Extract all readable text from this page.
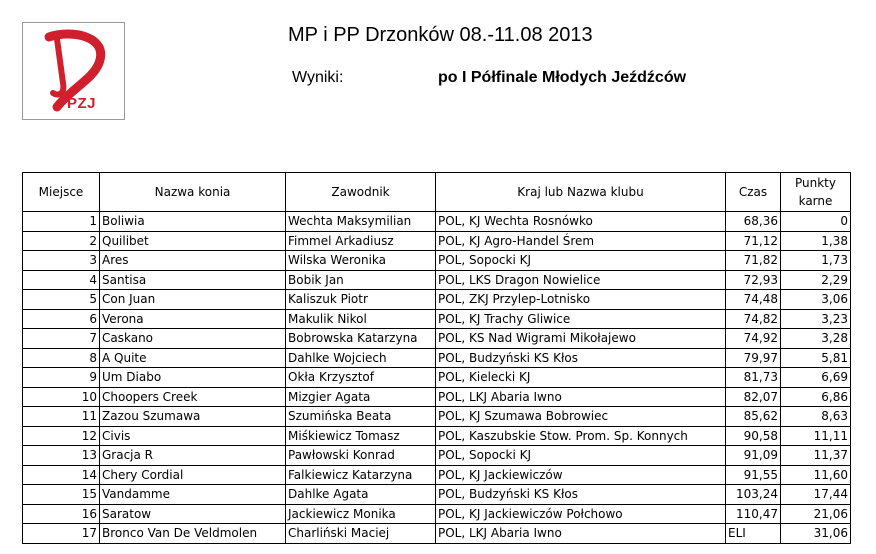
PZJ
MP i PP Drzonków 08.-11.08 2013
Wyniki:	po I Półfinale Młodych Jeźdźców
Miejsce	Nazwa konia	Zawodnik	Kraj lub Nazwa klubu	Czas	Punkty
karne

1	Boliwia	Wechta Maksymilian	POL, KJ Wechta Rosnówko	68,36	0
2	Quilibet	Fimmel Arkadiusz	POL, KJ Agro-Handel Śrem	71,12	1,38
3	Ares	Wilska Weronika	POL, Sopocki KJ	71,82	1,73
4	Santisa	Bobik Jan	POL, LKS Dragon Nowielice	72,93	2,29
5	Con Juan	Kaliszuk Piotr	POL, ZKJ Przylep-Lotnisko	74,48	3,06
6	Verona	Makulik Nikol	POL, KJ Trachy Gliwice	74,82	3,23
7	Caskano	Bobrowska Katarzyna	POL, KS Nad Wigrami Mikołajewo	74,92	3,28
8	A Quite	Dahlke Wojciech	POL, Budzyński KS Kłos	79,97	5,81
9	Um Diabo	Okła Krzysztof	POL, Kielecki KJ	81,73	6,69
10	Choopers Creek	Mizgier Agata	POL, LKJ Abaria Iwno	82,07	6,86
11	Zazou Szumawa	Szumińska Beata	POL, KJ Szumawa Bobrowiec	85,62	8,63
12	Civis	Miśkiewicz Tomasz	POL, Kaszubskie Stow. Prom. Sp. Konnych	90,58	11,11
13	Gracja R	Pawłowski Konrad	POL, Sopocki KJ	91,09	11,37
14	Chery Cordial	Falkiewicz Katarzyna	POL, KJ Jackiewiczów	91,55	11,60
15	Vandamme	Dahlke Agata	POL, Budzyński KS Kłos	103,24	17,44
16	Saratow	Jackiewicz Monika	POL, KJ Jackiewiczów Połchowo	110,47	21,06
17	Bronco Van De Veldmolen	Charliński Maciej	POL, LKJ Abaria Iwno	ELI	31,06
